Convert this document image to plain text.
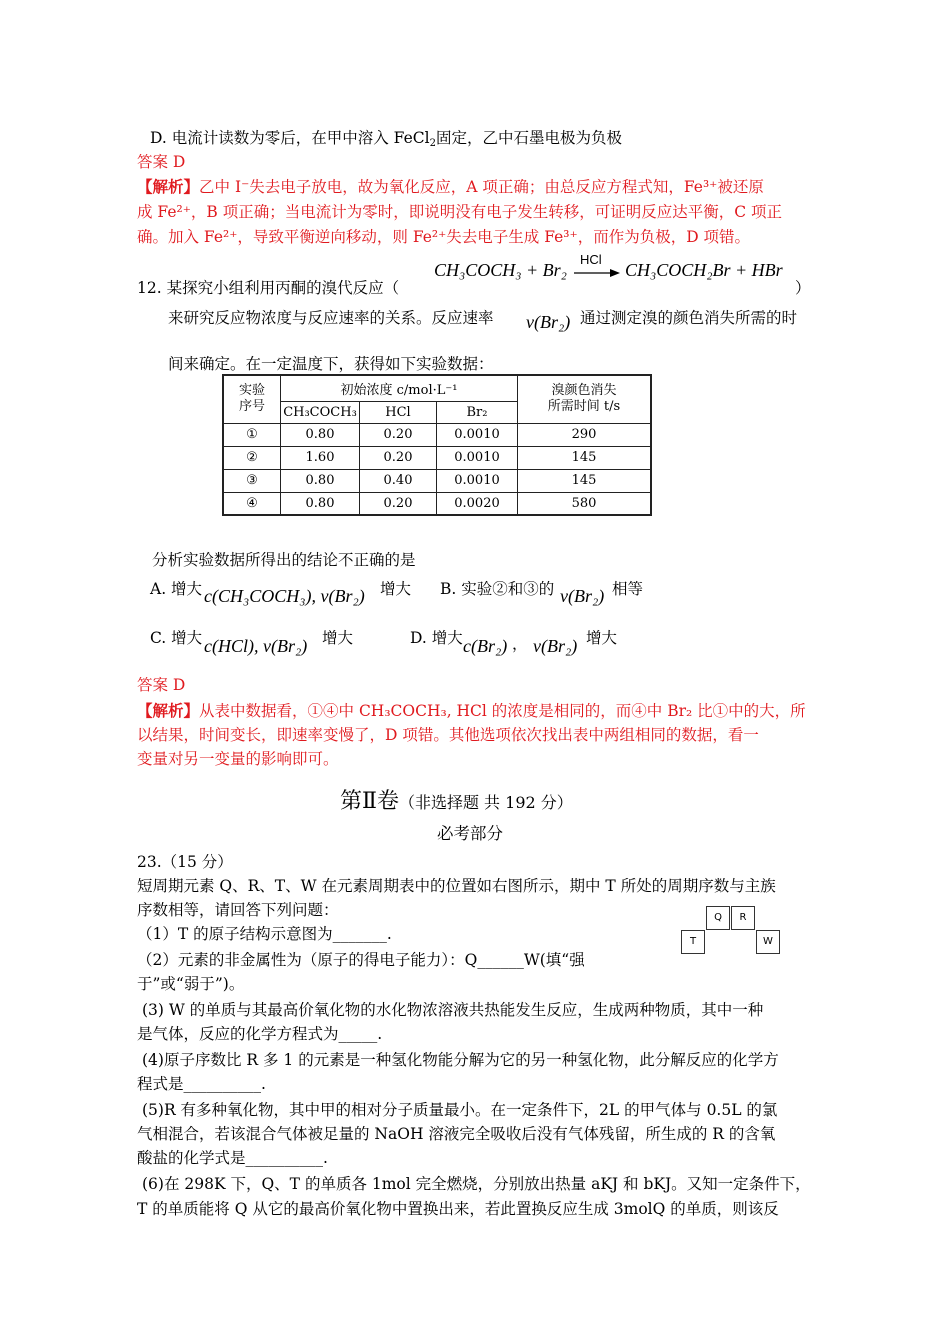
D. 电流计读数为零后，在甲中溶入 FeCl$_2$固定，乙中石墨电极为负极
答案 D
【解析】乙中 I⁻失去电子放电，故为氧化反应，A 项正确；由总反应方程式知，Fe³⁺被还原
成 Fe²⁺，B 项正确；当电流计为零时，即说明没有电子发生转移，可证明反应达平衡，C 项正
确。加入 Fe²⁺，导致平衡逆向移动，则 Fe²⁺失去电子生成 Fe³⁺，而作为负极，D 项错。
12. 某探究小组利用丙酮的溴代反应（
CH₃COCH₃ + Br₂
HCl
CH₃COCH₂Br + HBr
）
来研究反应物浓度与反应速率的关系。反应速率 v(Br₂) 通过测定溴的颜色消失所需的时
间来确定。在一定温度下，获得如下实验数据：
实验
序号	初始浓度 c/mol·L⁻¹			溴颜色消失
所需时间 t/s
	CH₃COCH₃	HCl	Br₂	
①	0.80	0.20	0.0010	290
②	1.60	0.20	0.0010	145
③	0.80	0.40	0.0010	145
④	0.80	0.20	0.0020	580
分析实验数据所得出的结论不正确的是
A. 增大 c(CH₃COCH₃), v(Br₂) 增大 B. 实验②和③的 v(Br₂) 相等
C. 增大 c(HCl), v(Br₂) 增大	D. 增大 c(Br₂) ， v(Br₂) 增大
答案 D
【解析】从表中数据看，①④中 CH₃COCH₃, HCl 的浓度是相同的，而④中 Br₂ 比①中的大，所
以结果，时间变长，即速率变慢了，D 项错。其他选项依次找出表中两组相同的数据，看一
变量对另一变量的影响即可。
第Ⅱ卷（非选择题 共 192 分）
必考部分
23.（15 分）
短周期元素 Q、R、T、W 在元素周期表中的位置如右图所示，期中 T 所处的周期序数与主族
序数相等，请回答下列问题：
（1）T 的原子结构示意图为_______.
（2）元素的非金属性为（原子的得电子能力）：Q______W(填“强
于”或“弱于”)。
(3) W 的单质与其最高价氧化物的水化物浓溶液共热能发生反应，生成两种物质，其中一种
是气体，反应的化学方程式为_____.
(4)原子序数比 R 多 1 的元素是一种氢化物能分解为它的另一种氢化物，此分解反应的化学方
程式是__________.
(5)R 有多种氧化物，其中甲的相对分子质量最小。在一定条件下，2L 的甲气体与 0.5L 的氯
气相混合，若该混合气体被足量的 NaOH 溶液完全吸收后没有气体残留，所生成的 R 的含氧
酸盐的化学式是__________.
(6)在 298K 下，Q、T 的单质各 1mol 完全燃烧，分别放出热量 aKJ 和 bKJ。又知一定条件下，
T 的单质能将 Q 从它的最高价氧化物中置换出来，若此置换反应生成 3molQ 的单质，则该反
Q	R
T	W
